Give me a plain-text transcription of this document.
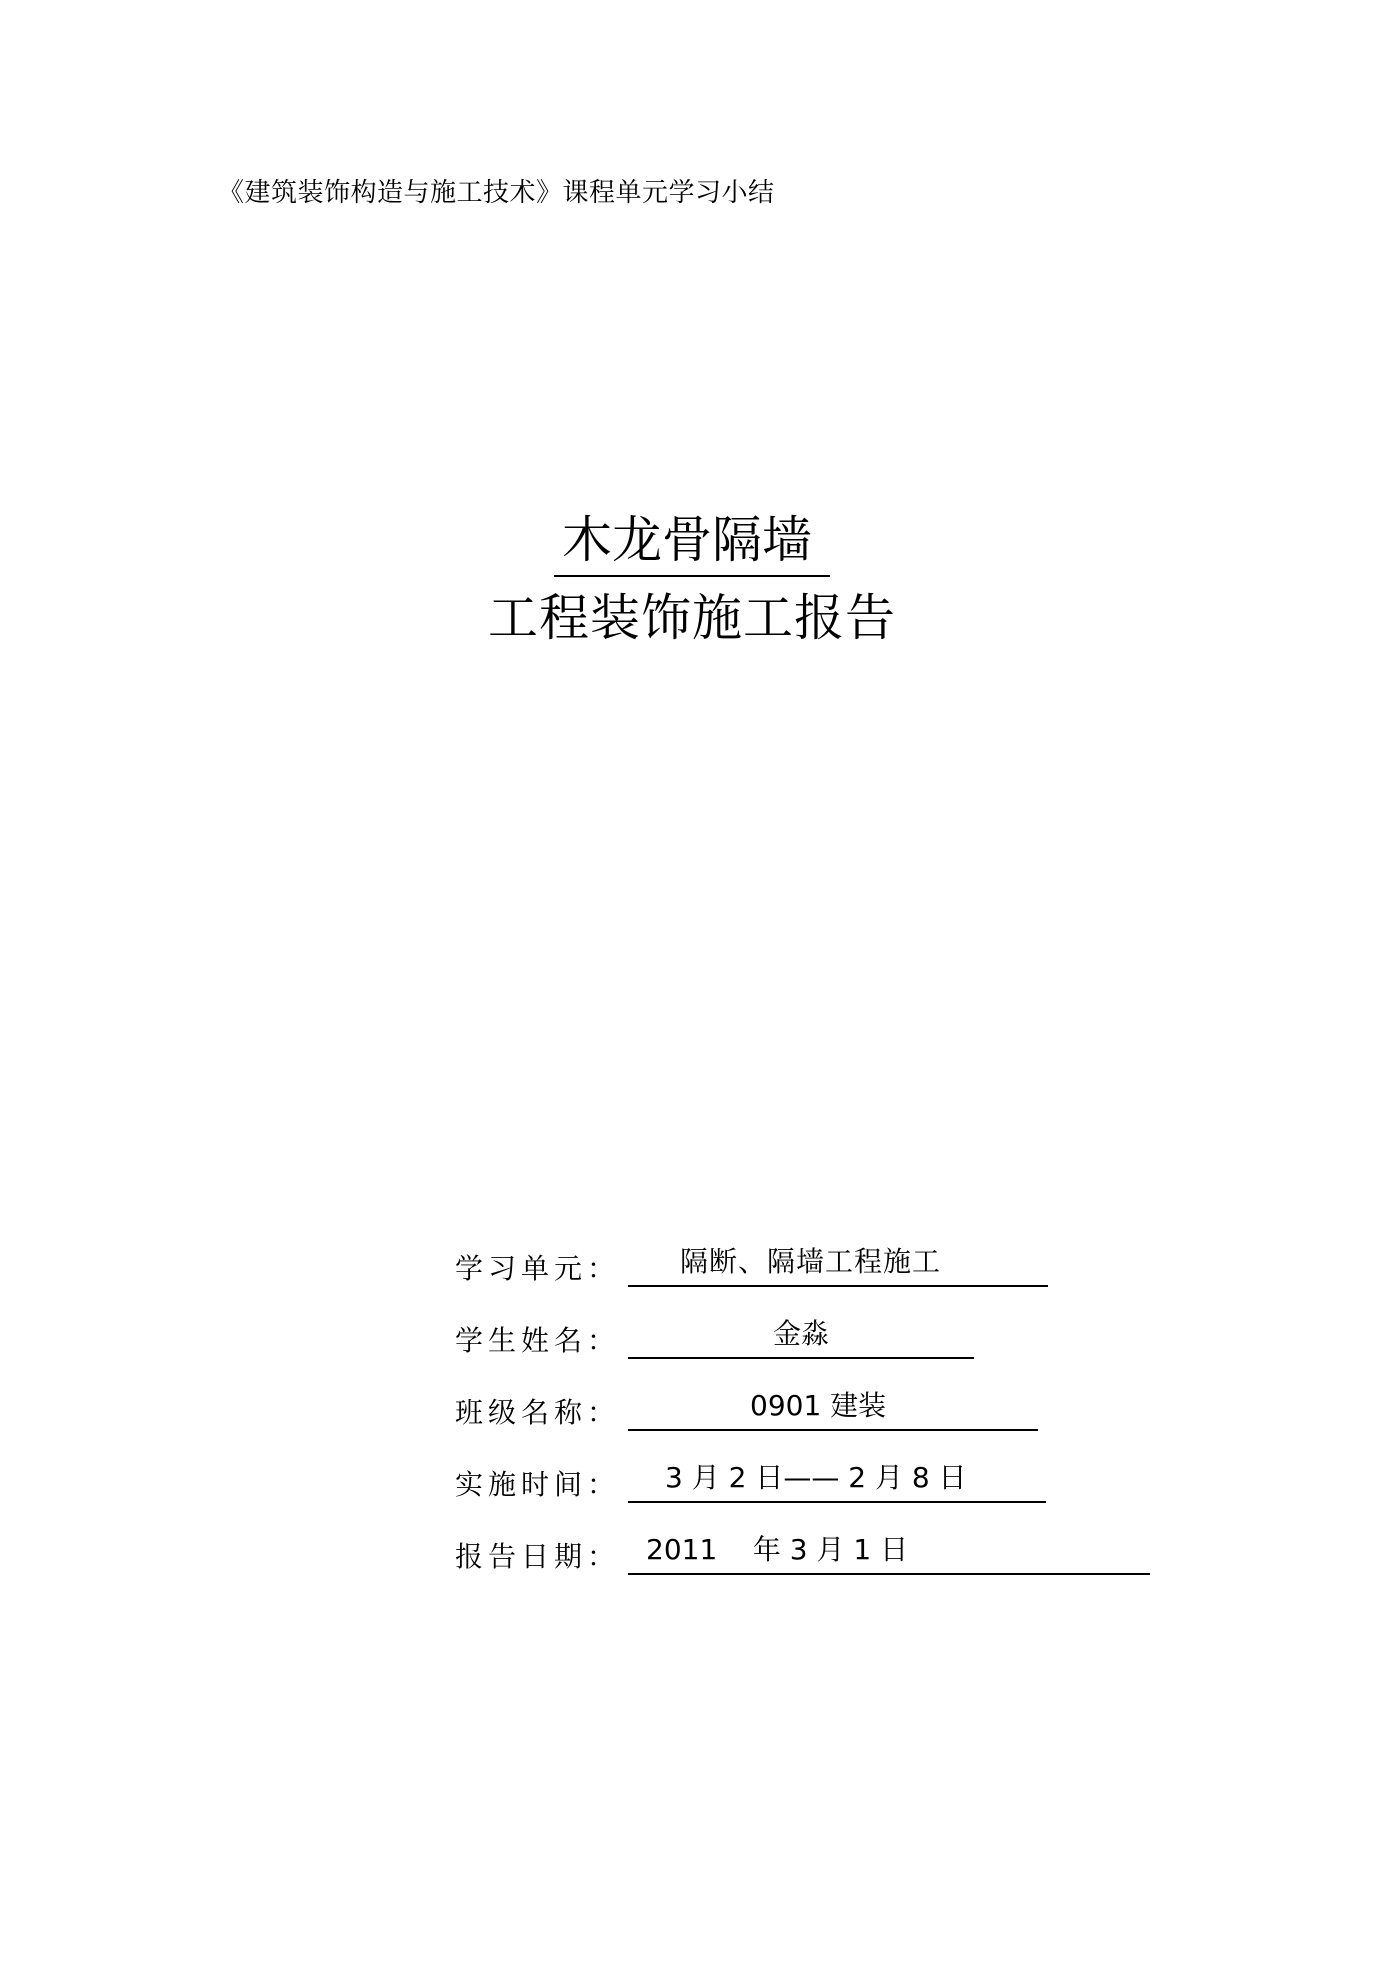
《建筑装饰构造与施工技术》课程单元学习小结
木龙骨隔墙
工程装饰施工报告
学习单元：	隔断、隔墙工程施工
学生姓名：	金淼
班级名称：	0901 建装
实施时间：	3 月 2 日—— 2 月 8 日
报告日期： 2011    年 3 月 1 日
